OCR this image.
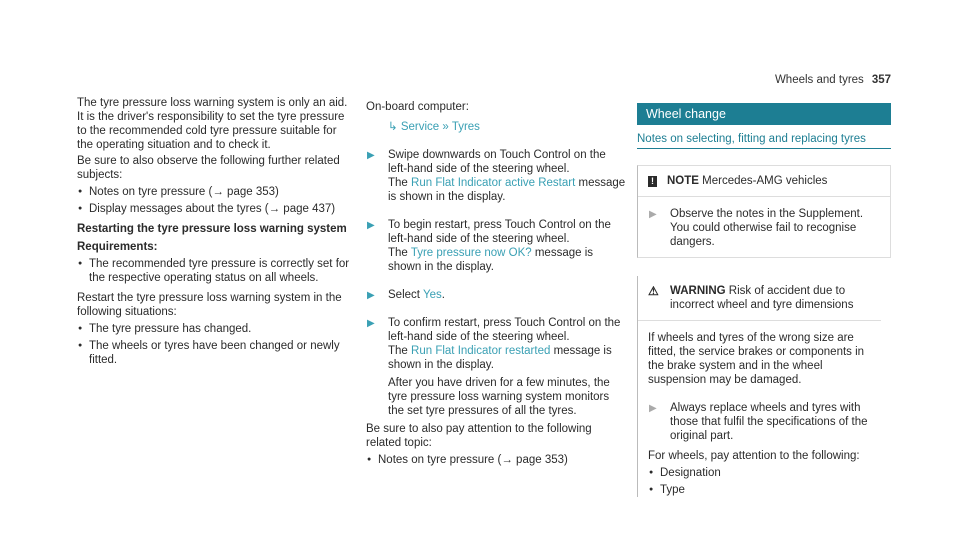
Wheels and tyres 357

The tyre pressure loss warning system is only an aid. It is the driver's responsibility to set the tyre pressure to the recommended cold tyre pressure suitable for the operating situation and to check it.

Be sure to also observe the following further related subjects:

● Notes on tyre pressure (→ page 353)
● Display messages about the tyres (→ page 437)
Restarting the tyre pressure loss warning system
Requirements:
● The recommended tyre pressure is correctly set for the respective operating status on all wheels.

Restart the tyre pressure loss warning system in the following situations:

● The tyre pressure has changed.
● The wheels or tyres have been changed or newly fitted.

On-board computer:

↳ Service » Tyres
▶ Swipe downwards on Touch Control on the left-hand side of the steering wheel.
The Run Flat Indicator active Restart message is shown in the display.
▶ To begin restart, press Touch Control on the left-hand side of the steering wheel.
The Tyre pressure now OK? message is shown in the display.
▶ Select Yes.
▶ To confirm restart, press Touch Control on the left-hand side of the steering wheel.
The Run Flat Indicator restarted message is shown in the display.
After you have driven for a few minutes, the tyre pressure loss warning system monitors the set tyre pressures of all the tyres.

Be sure to also pay attention to the following related topic:

● Notes on tyre pressure (→ page 353)
Wheel change
Notes on selecting, fitting and replacing tyres
! NOTE Mercedes-AMG vehicles
▶ Observe the notes in the Supplement. You could otherwise fail to recognise dangers.
⚠ WARNING Risk of accident due to incorrect wheel and tyre dimensions

If wheels and tyres of the wrong size are fitted, the service brakes or components in the brake system and in the wheel suspension may be damaged.

▶ Always replace wheels and tyres with those that fulfil the specifications of the original part.

For wheels, pay attention to the following:

● Designation
● Type
